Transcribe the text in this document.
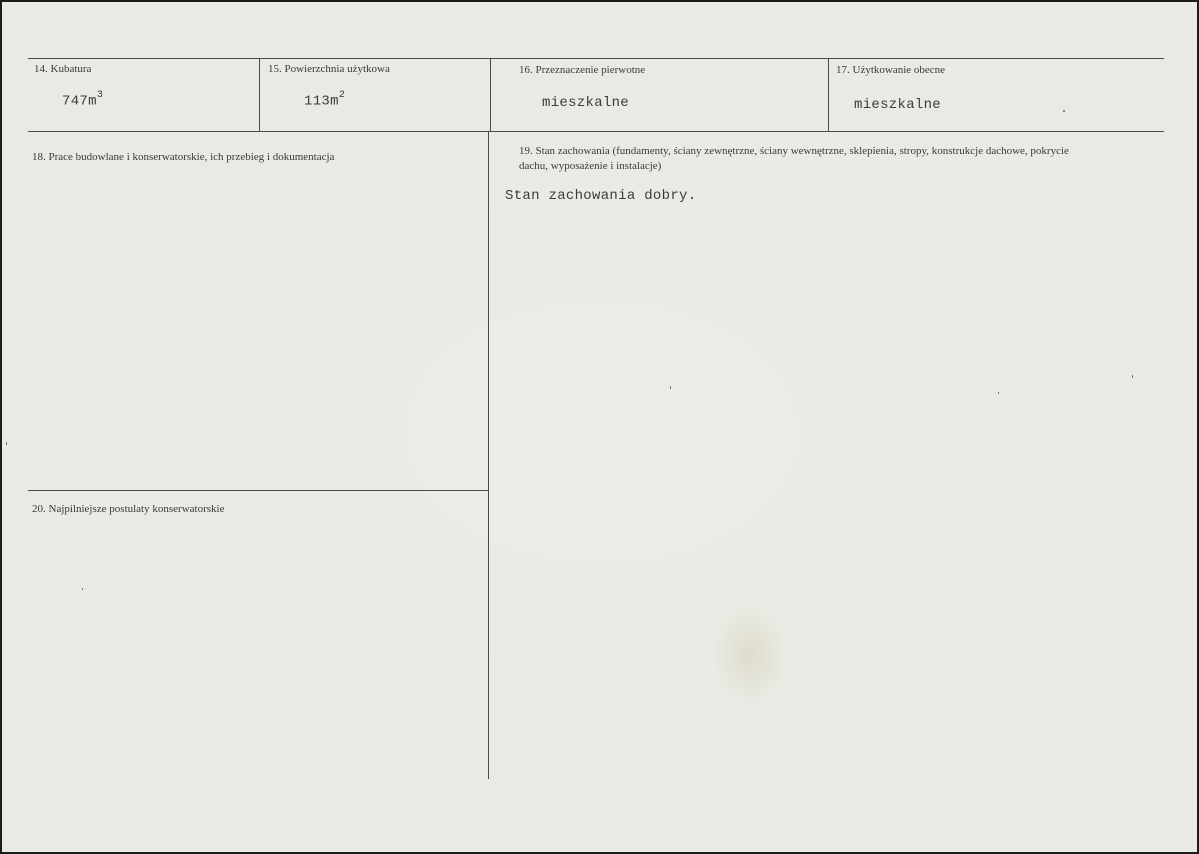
14. Kubatura
$747m^3$
15. Powierzchnia użytkowa
$113m^2$
16. Przeznaczenie pierwotne
mieszkalne
17. Użytkowanie obecne
mieszkalne
18. Prace budowlane i konserwatorskie, ich przebieg i dokumentacja	19. Stan zachowania (fundamenty, ściany zewnętrzne, ściany wewnętrzne, sklepienia, stropy, konstrukcje dachowe, pokrycie dachu, wyposażenie i instalacje)
Stan zachowania dobry.
20. Najpilniejsze postulaty konserwatorskie
